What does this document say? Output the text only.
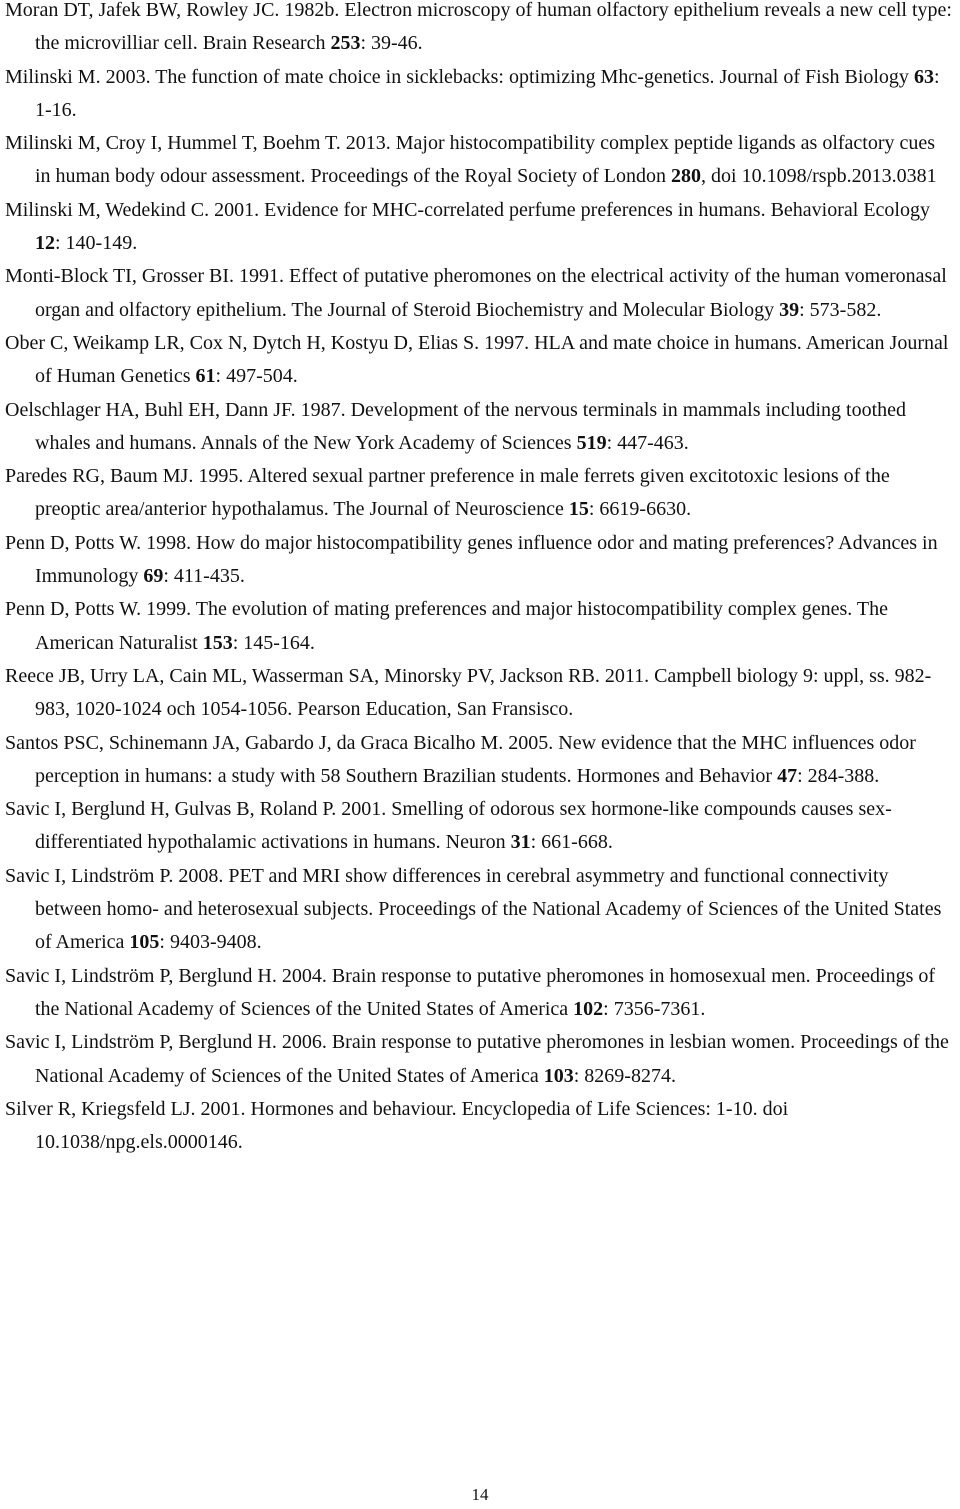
Moran DT, Jafek BW, Rowley JC. 1982b. Electron microscopy of human olfactory epithelium reveals a new cell type: the microvilliar cell. Brain Research 253: 39-46.
Milinski M. 2003. The function of mate choice in sicklebacks: optimizing Mhc-genetics. Journal of Fish Biology 63: 1-16.
Milinski M, Croy I, Hummel T, Boehm T. 2013. Major histocompatibility complex peptide ligands as olfactory cues in human body odour assessment. Proceedings of the Royal Society of London 280, doi 10.1098/rspb.2013.0381
Milinski M, Wedekind C. 2001. Evidence for MHC-correlated perfume preferences in humans. Behavioral Ecology 12: 140-149.
Monti-Block TI, Grosser BI. 1991. Effect of putative pheromones on the electrical activity of the human vomeronasal organ and olfactory epithelium. The Journal of Steroid Biochemistry and Molecular Biology 39: 573-582.
Ober C, Weikamp LR, Cox N, Dytch H, Kostyu D, Elias S. 1997. HLA and mate choice in humans. American Journal of Human Genetics 61: 497-504.
Oelschlager HA, Buhl EH, Dann JF. 1987. Development of the nervous terminals in mammals including toothed whales and humans. Annals of the New York Academy of Sciences 519: 447-463.
Paredes RG, Baum MJ. 1995. Altered sexual partner preference in male ferrets given excitotoxic lesions of the preoptic area/anterior hypothalamus. The Journal of Neuroscience 15: 6619-6630.
Penn D, Potts W. 1998. How do major histocompatibility genes influence odor and mating preferences? Advances in Immunology 69: 411-435.
Penn D, Potts W. 1999. The evolution of mating preferences and major histocompatibility complex genes. The American Naturalist 153: 145-164.
Reece JB, Urry LA, Cain ML, Wasserman SA, Minorsky PV, Jackson RB. 2011. Campbell biology 9: uppl, ss. 982-983, 1020-1024 och 1054-1056. Pearson Education, San Fransisco.
Santos PSC, Schinemann JA, Gabardo J, da Graca Bicalho M. 2005. New evidence that the MHC influences odor perception in humans: a study with 58 Southern Brazilian students. Hormones and Behavior 47: 284-388.
Savic I, Berglund H, Gulvas B, Roland P. 2001. Smelling of odorous sex hormone-like compounds causes sex-differentiated hypothalamic activations in humans. Neuron 31: 661-668.
Savic I, Lindström P. 2008. PET and MRI show differences in cerebral asymmetry and functional connectivity between homo- and heterosexual subjects. Proceedings of the National Academy of Sciences of the United States of America 105: 9403-9408.
Savic I, Lindström P, Berglund H. 2004. Brain response to putative pheromones in homosexual men. Proceedings of the National Academy of Sciences of the United States of America 102: 7356-7361.
Savic I, Lindström P, Berglund H. 2006. Brain response to putative pheromones in lesbian women. Proceedings of the National Academy of Sciences of the United States of America 103: 8269-8274.
Silver R, Kriegsfeld LJ. 2001. Hormones and behaviour. Encyclopedia of Life Sciences: 1-10. doi 10.1038/npg.els.0000146.
14
